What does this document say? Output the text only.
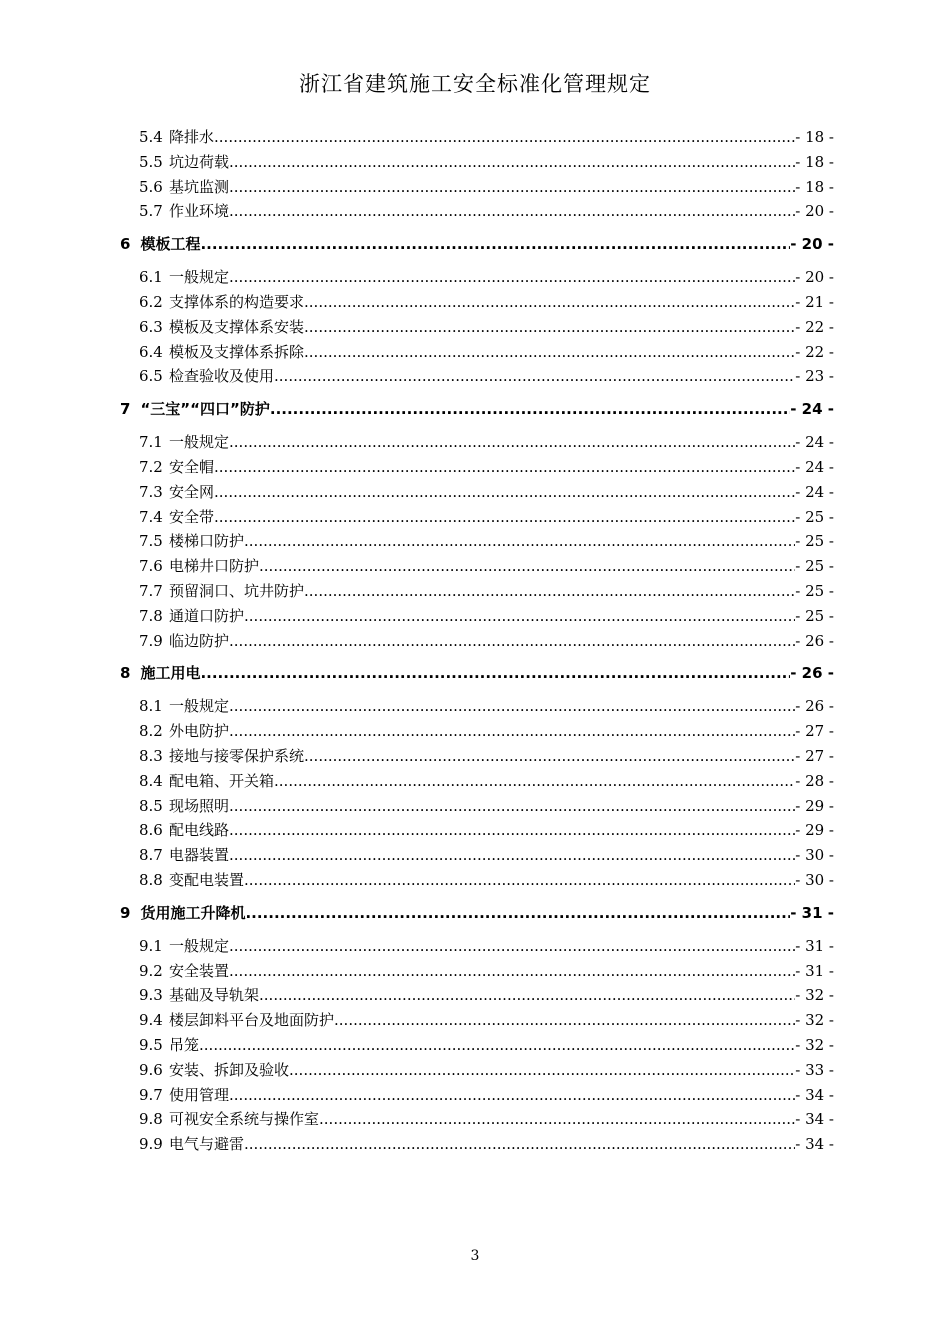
浙江省建筑施工安全标准化管理规定
5.4 降排水 .....	- 18 -
5.5 坑边荷载 .....	- 18 -
5.6 基坑监测 .....	- 18 -
5.7 作业环境 .....	- 20 -
6 模板工程 .....	- 20 -
6.1 一般规定 .....	- 20 -
6.2 支撑体系的构造要求 .....	- 21 -
6.3 模板及支撑体系安装 .....	- 22 -
6.4 模板及支撑体系拆除 .....	- 22 -
6.5 检查验收及使用 .....	- 23 -
7 “三宝”“四口”防护 .....	- 24 -
7.1 一般规定 .....	- 24 -
7.2 安全帽 .....	- 24 -
7.3 安全网 .....	- 24 -
7.4 安全带 .....	- 25 -
7.5 楼梯口防护 .....	- 25 -
7.6 电梯井口防护 .....	- 25 -
7.7 预留洞口、坑井防护 .....	- 25 -
7.8 通道口防护 .....	- 25 -
7.9 临边防护 .....	- 26 -
8 施工用电 .....	- 26 -
8.1 一般规定 .....	- 26 -
8.2 外电防护 .....	- 27 -
8.3 接地与接零保护系统 .....	- 27 -
8.4 配电箱、开关箱 .....	- 28 -
8.5 现场照明 .....	- 29 -
8.6 配电线路 .....	- 29 -
8.7 电器装置 .....	- 30 -
8.8 变配电装置 .....	- 30 -
9 货用施工升降机 .....	- 31 -
9.1 一般规定 .....	- 31 -
9.2 安全装置 .....	- 31 -
9.3 基础及导轨架 .....	- 32 -
9.4 楼层卸料平台及地面防护 .....	- 32 -
9.5 吊笼 .....	- 32 -
9.6 安装、拆卸及验收 .....	- 33 -
9.7 使用管理 .....	- 34 -
9.8 可视安全系统与操作室 .....	- 34 -
9.9 电气与避雷 .....	- 34 -
3
